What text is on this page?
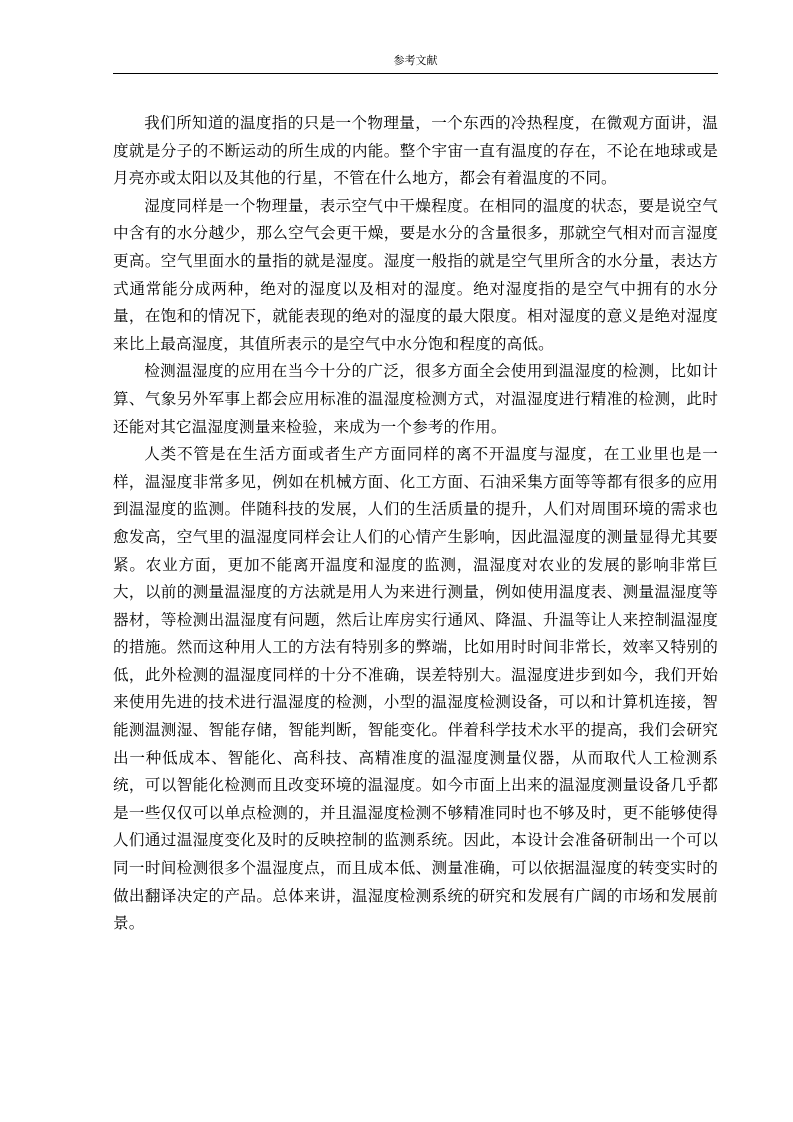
参考文献

我们所知道的温度指的只是一个物理量，一个东西的冷热程度，在微观方面讲，温度就是分子的不断运动的所生成的内能。整个宇宙一直有温度的存在，不论在地球或是月亮亦或太阳以及其他的行星，不管在什么地方，都会有着温度的不同。

湿度同样是一个物理量，表示空气中干燥程度。在相同的温度的状态，要是说空气中含有的水分越少，那么空气会更干燥，要是水分的含量很多，那就空气相对而言湿度更高。空气里面水的量指的就是湿度。湿度一般指的就是空气里所含的水分量，表达方式通常能分成两种，绝对的湿度以及相对的湿度。绝对湿度指的是空气中拥有的水分量，在饱和的情况下，就能表现的绝对的湿度的最大限度。相对湿度的意义是绝对湿度来比上最高湿度，其值所表示的是空气中水分饱和程度的高低。

检测温湿度的应用在当今十分的广泛，很多方面全会使用到温湿度的检测，比如计算、气象另外军事上都会应用标准的温湿度检测方式，对温湿度进行精准的检测，此时还能对其它温湿度测量来检验，来成为一个参考的作用。

人类不管是在生活方面或者生产方面同样的离不开温度与湿度，在工业里也是一样，温湿度非常多见，例如在机械方面、化工方面、石油采集方面等等都有很多的应用到温湿度的监测。伴随科技的发展，人们的生活质量的提升，人们对周围环境的需求也愈发高，空气里的温湿度同样会让人们的心情产生影响，因此温湿度的测量显得尤其要紧。农业方面，更加不能离开温度和湿度的监测，温湿度对农业的发展的影响非常巨大，以前的测量温湿度的方法就是用人为来进行测量，例如使用温度表、测量温湿度等器材，等检测出温湿度有问题，然后让库房实行通风、降温、升温等让人来控制温湿度的措施。然而这种用人工的方法有特别多的弊端，比如用时时间非常长，效率又特别的低，此外检测的温湿度同样的十分不准确，误差特别大。温湿度进步到如今，我们开始来使用先进的技术进行温湿度的检测，小型的温湿度检测设备，可以和计算机连接，智能测温测湿、智能存储，智能判断，智能变化。伴着科学技术水平的提高，我们会研究出一种低成本、智能化、高科技、高精准度的温湿度测量仪器，从而取代人工检测系统，可以智能化检测而且改变环境的温湿度。如今市面上出来的温湿度测量设备几乎都是一些仅仅可以单点检测的，并且温湿度检测不够精准同时也不够及时，更不能够使得人们通过温湿度变化及时的反映控制的监测系统。因此，本设计会准备研制出一个可以同一时间检测很多个温湿度点，而且成本低、测量准确，可以依据温湿度的转变实时的做出翻译决定的产品。总体来讲，温湿度检测系统的研究和发展有广阔的市场和发展前景。
